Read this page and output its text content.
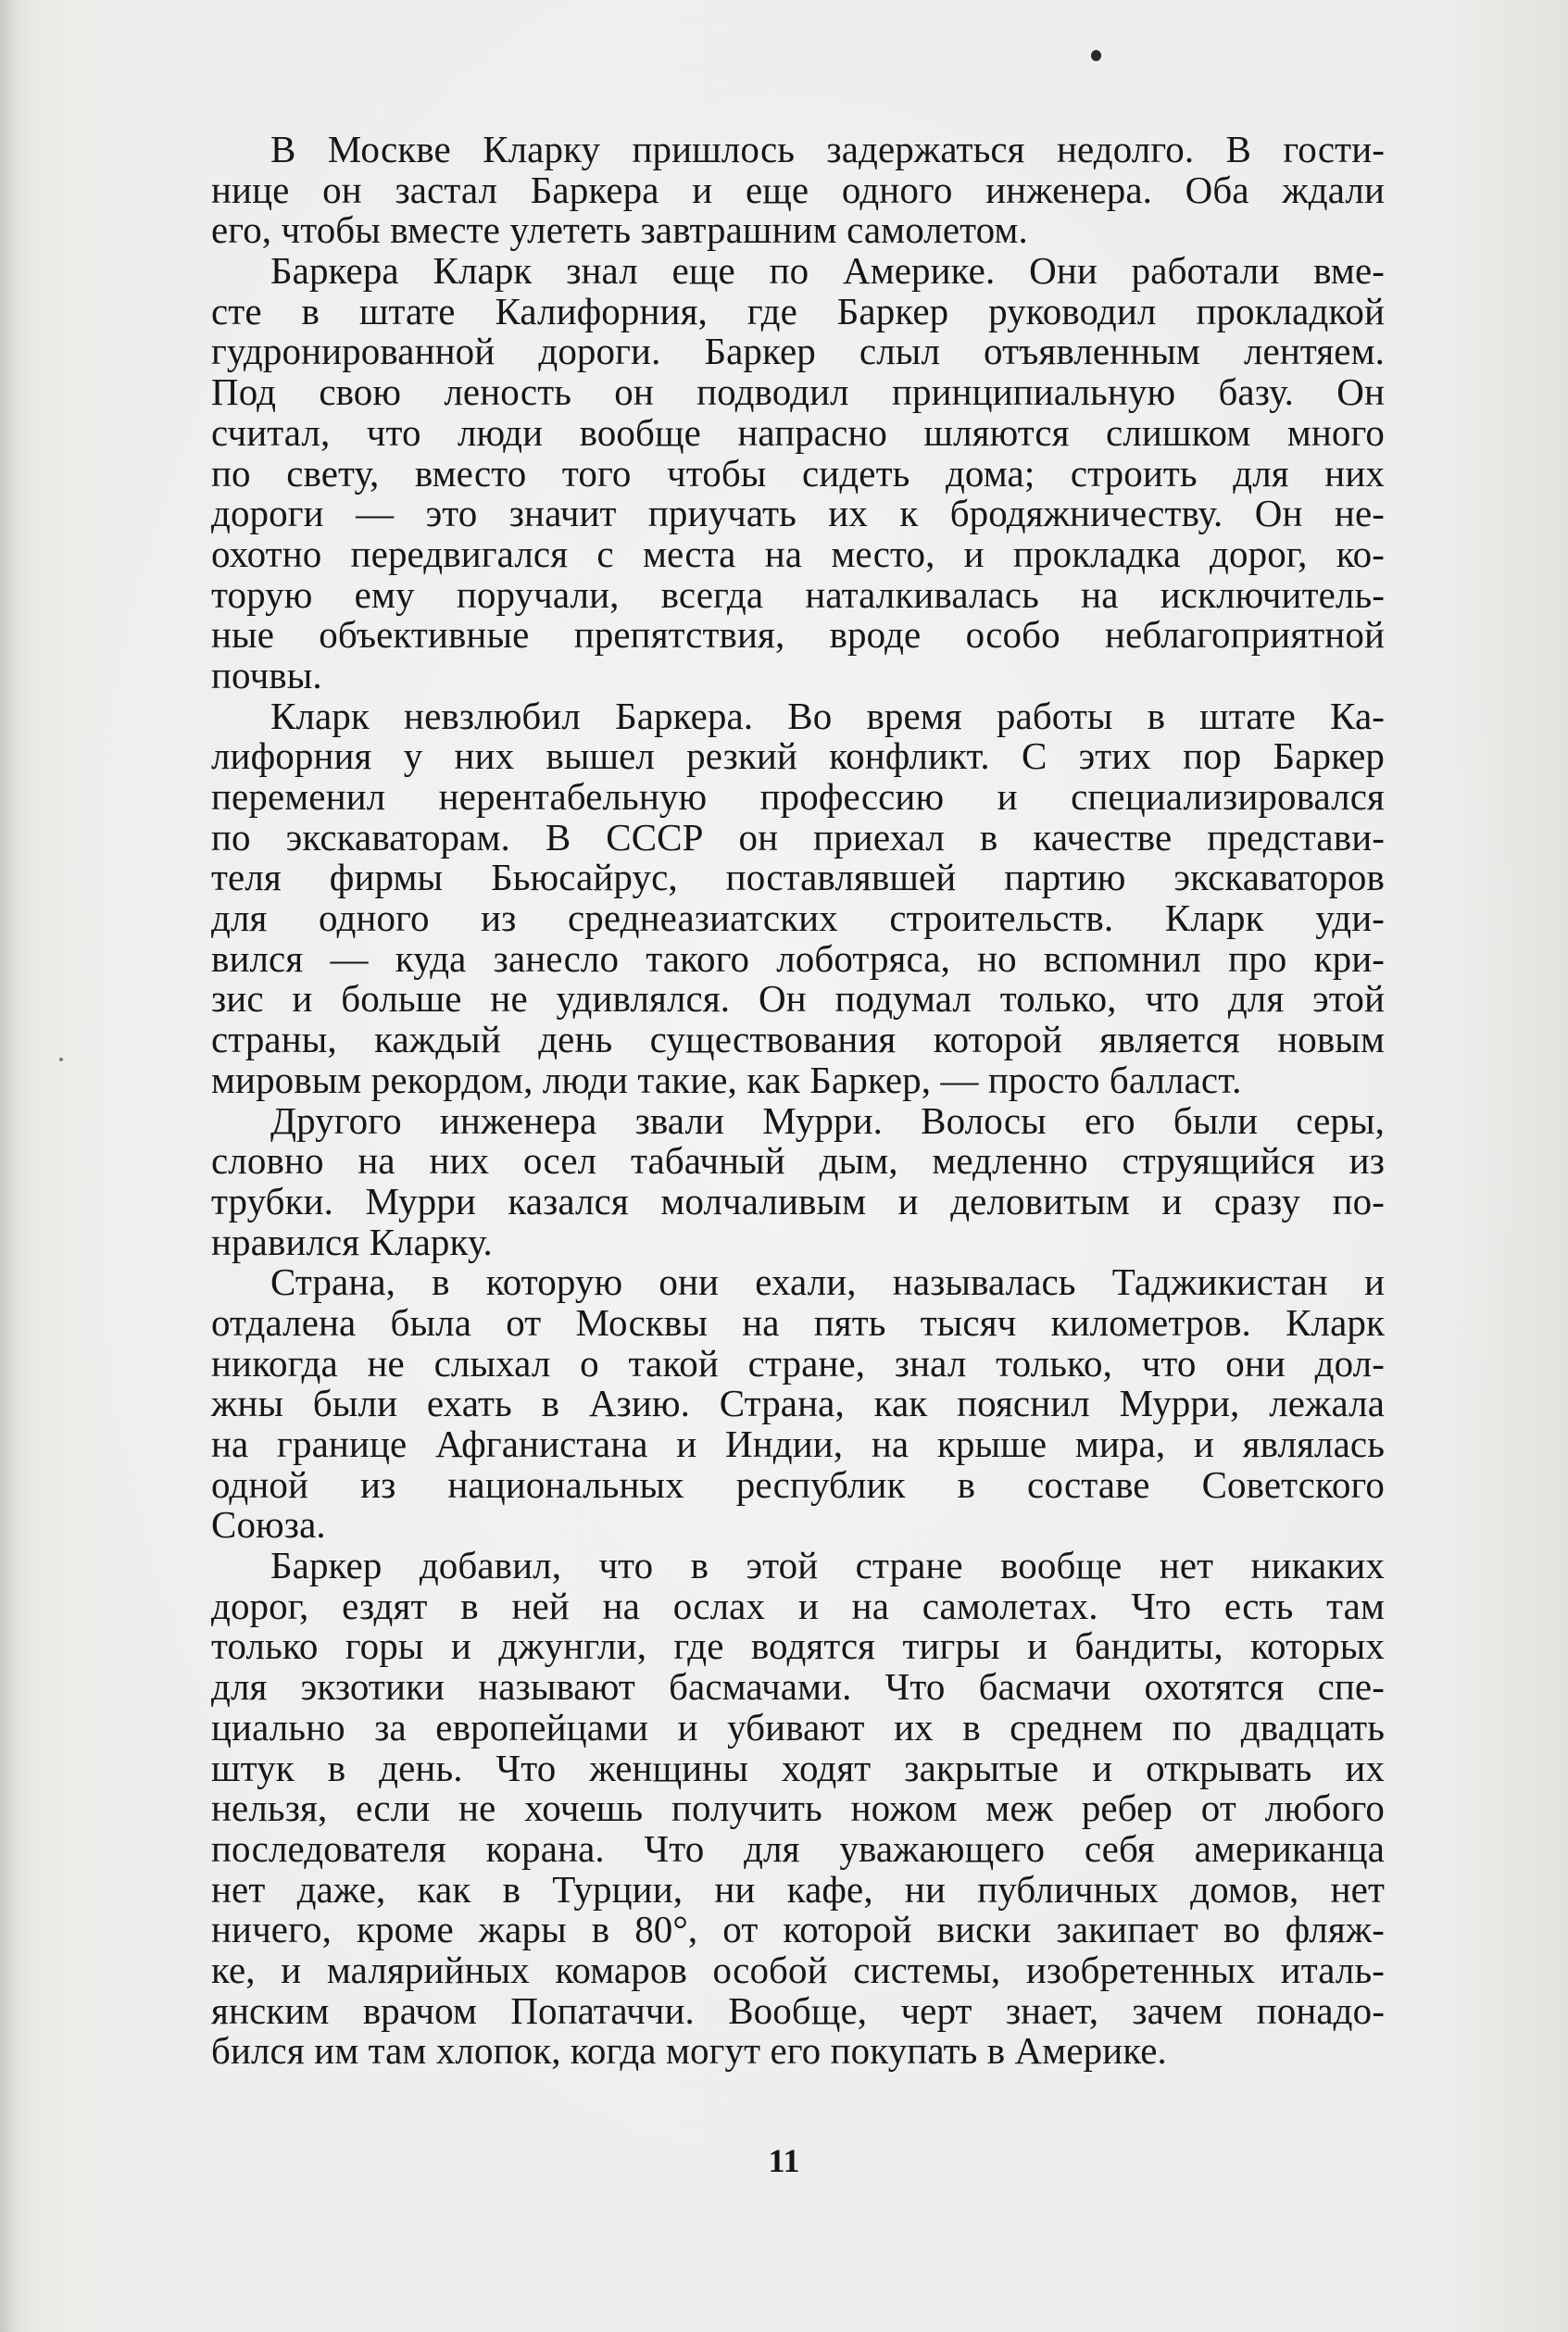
В Москве Кларку пришлось задержаться недолго. В гости-
нице он застал Баркера и еще одного инженера. Оба ждали
его, чтобы вместе улететь завтрашним самолетом.
Баркера Кларк знал еще по Америке. Они работали вме-
сте в штате Калифорния, где Баркер руководил прокладкой
гудронированной дороги. Баркер слыл отъявленным лентяем.
Под свою леность он подводил принципиальную базу. Он
считал, что люди вообще напрасно шляются слишком много
по свету, вместо того чтобы сидеть дома; строить для них
дороги — это значит приучать их к бродяжничеству. Он не-
охотно передвигался с места на место, и прокладка дорог, ко-
торую ему поручали, всегда наталкивалась на исключитель-
ные объективные препятствия, вроде особо неблагоприятной
почвы.
Кларк невзлюбил Баркера. Во время работы в штате Ка-
лифорния у них вышел резкий конфликт. С этих пор Баркер
переменил нерентабельную профессию и специализировался
по экскаваторам. В СССР он приехал в качестве представи-
теля фирмы Бьюсайрус, поставлявшей партию экскаваторов
для одного из среднеазиатских строительств. Кларк уди-
вился — куда занесло такого лоботряса, но вспомнил про кри-
зис и больше не удивлялся. Он подумал только, что для этой
страны, каждый день существования которой является новым
мировым рекордом, люди такие, как Баркер, — просто балласт.
Другого инженера звали Мурри. Волосы его были серы,
словно на них осел табачный дым, медленно струящийся из
трубки. Мурри казался молчаливым и деловитым и сразу по-
нравился Кларку.
Страна, в которую они ехали, называлась Таджикистан и
отдалена была от Москвы на пять тысяч километров. Кларк
никогда не слыхал о такой стране, знал только, что они дол-
жны были ехать в Азию. Страна, как пояснил Мурри, лежала
на границе Афганистана и Индии, на крыше мира, и являлась
одной из национальных республик в составе Советского
Союза.
Баркер добавил, что в этой стране вообще нет никаких
дорог, ездят в ней на ослах и на самолетах. Что есть там
только горы и джунгли, где водятся тигры и бандиты, которых
для экзотики называют басмачами. Что басмачи охотятся спе-
циально за европейцами и убивают их в среднем по двадцать
штук в день. Что женщины ходят закрытые и открывать их
нельзя, если не хочешь получить ножом меж ребер от любого
последователя корана. Что для уважающего себя американца
нет даже, как в Турции, ни кафе, ни публичных домов, нет
ничего, кроме жары в 80°, от которой виски закипает во фляж-
ке, и малярийных комаров особой системы, изобретенных италь-
янским врачом Попатаччи. Вообще, черт знает, зачем понадо-
бился им там хлопок, когда могут его покупать в Америке.
11
